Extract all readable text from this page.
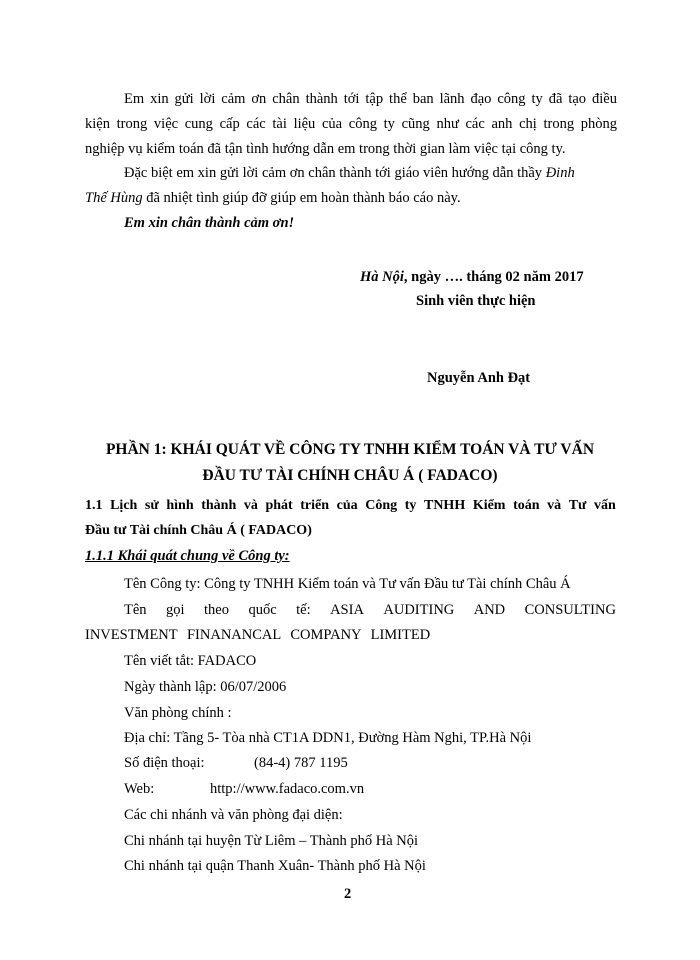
Em xin gửi lời cảm ơn chân thành tới tập thể ban lãnh đạo công ty đã tạo điều
kiện trong việc cung cấp các tài liệu của công ty cũng như các anh chị trong phòng
nghiệp vụ kiểm toán đã tận tình hướng dẫn em trong thời gian làm việc tại công ty.
Đặc biệt em xin gửi lời cảm ơn chân thành tới giáo viên hướng dẫn thầy Đinh
Thế Hùng đã nhiệt tình giúp đỡ giúp em hoàn thành báo cáo này.
Em xin chân thành cảm ơn!
Hà Nội, ngày …. tháng 02 năm 2017
Sinh viên thực hiện
Nguyễn Anh Đạt
PHẦN 1: KHÁI QUÁT VỀ CÔNG TY TNHH KIỂM TOÁN VÀ TƯ VẤN
ĐẦU TƯ TÀI CHÍNH CHÂU Á ( FADACO)
1.1 Lịch sử hình thành và phát triển của Công ty TNHH Kiểm toán và Tư vấn
Đầu tư Tài chính Châu Á ( FADACO)
1.1.1 Khái quát chung về Công ty:
Tên Công ty: Công ty TNHH Kiểm toán và Tư vấn Đầu tư Tài chính Châu Á
Tên gọi theo quốc tế: ASIA AUDITING AND CONSULTING
INVESTMENT FINANANCAL COMPANY LIMITED
Tên viết tắt: FADACO
Ngày thành lập: 06/07/2006
Văn phòng chính :
Địa chỉ: Tầng 5- Tòa nhà CT1A DDN1, Đường Hàm Nghi, TP.Hà Nội
Số điện thoại:	(84-4) 787 1195
Web:	http://www.fadaco.com.vn
Các chi nhánh và văn phòng đại diện:
Chi nhánh tại huyện Từ Liêm – Thành phố Hà Nội
Chi nhánh tại quận Thanh Xuân- Thành phố Hà Nội
2
